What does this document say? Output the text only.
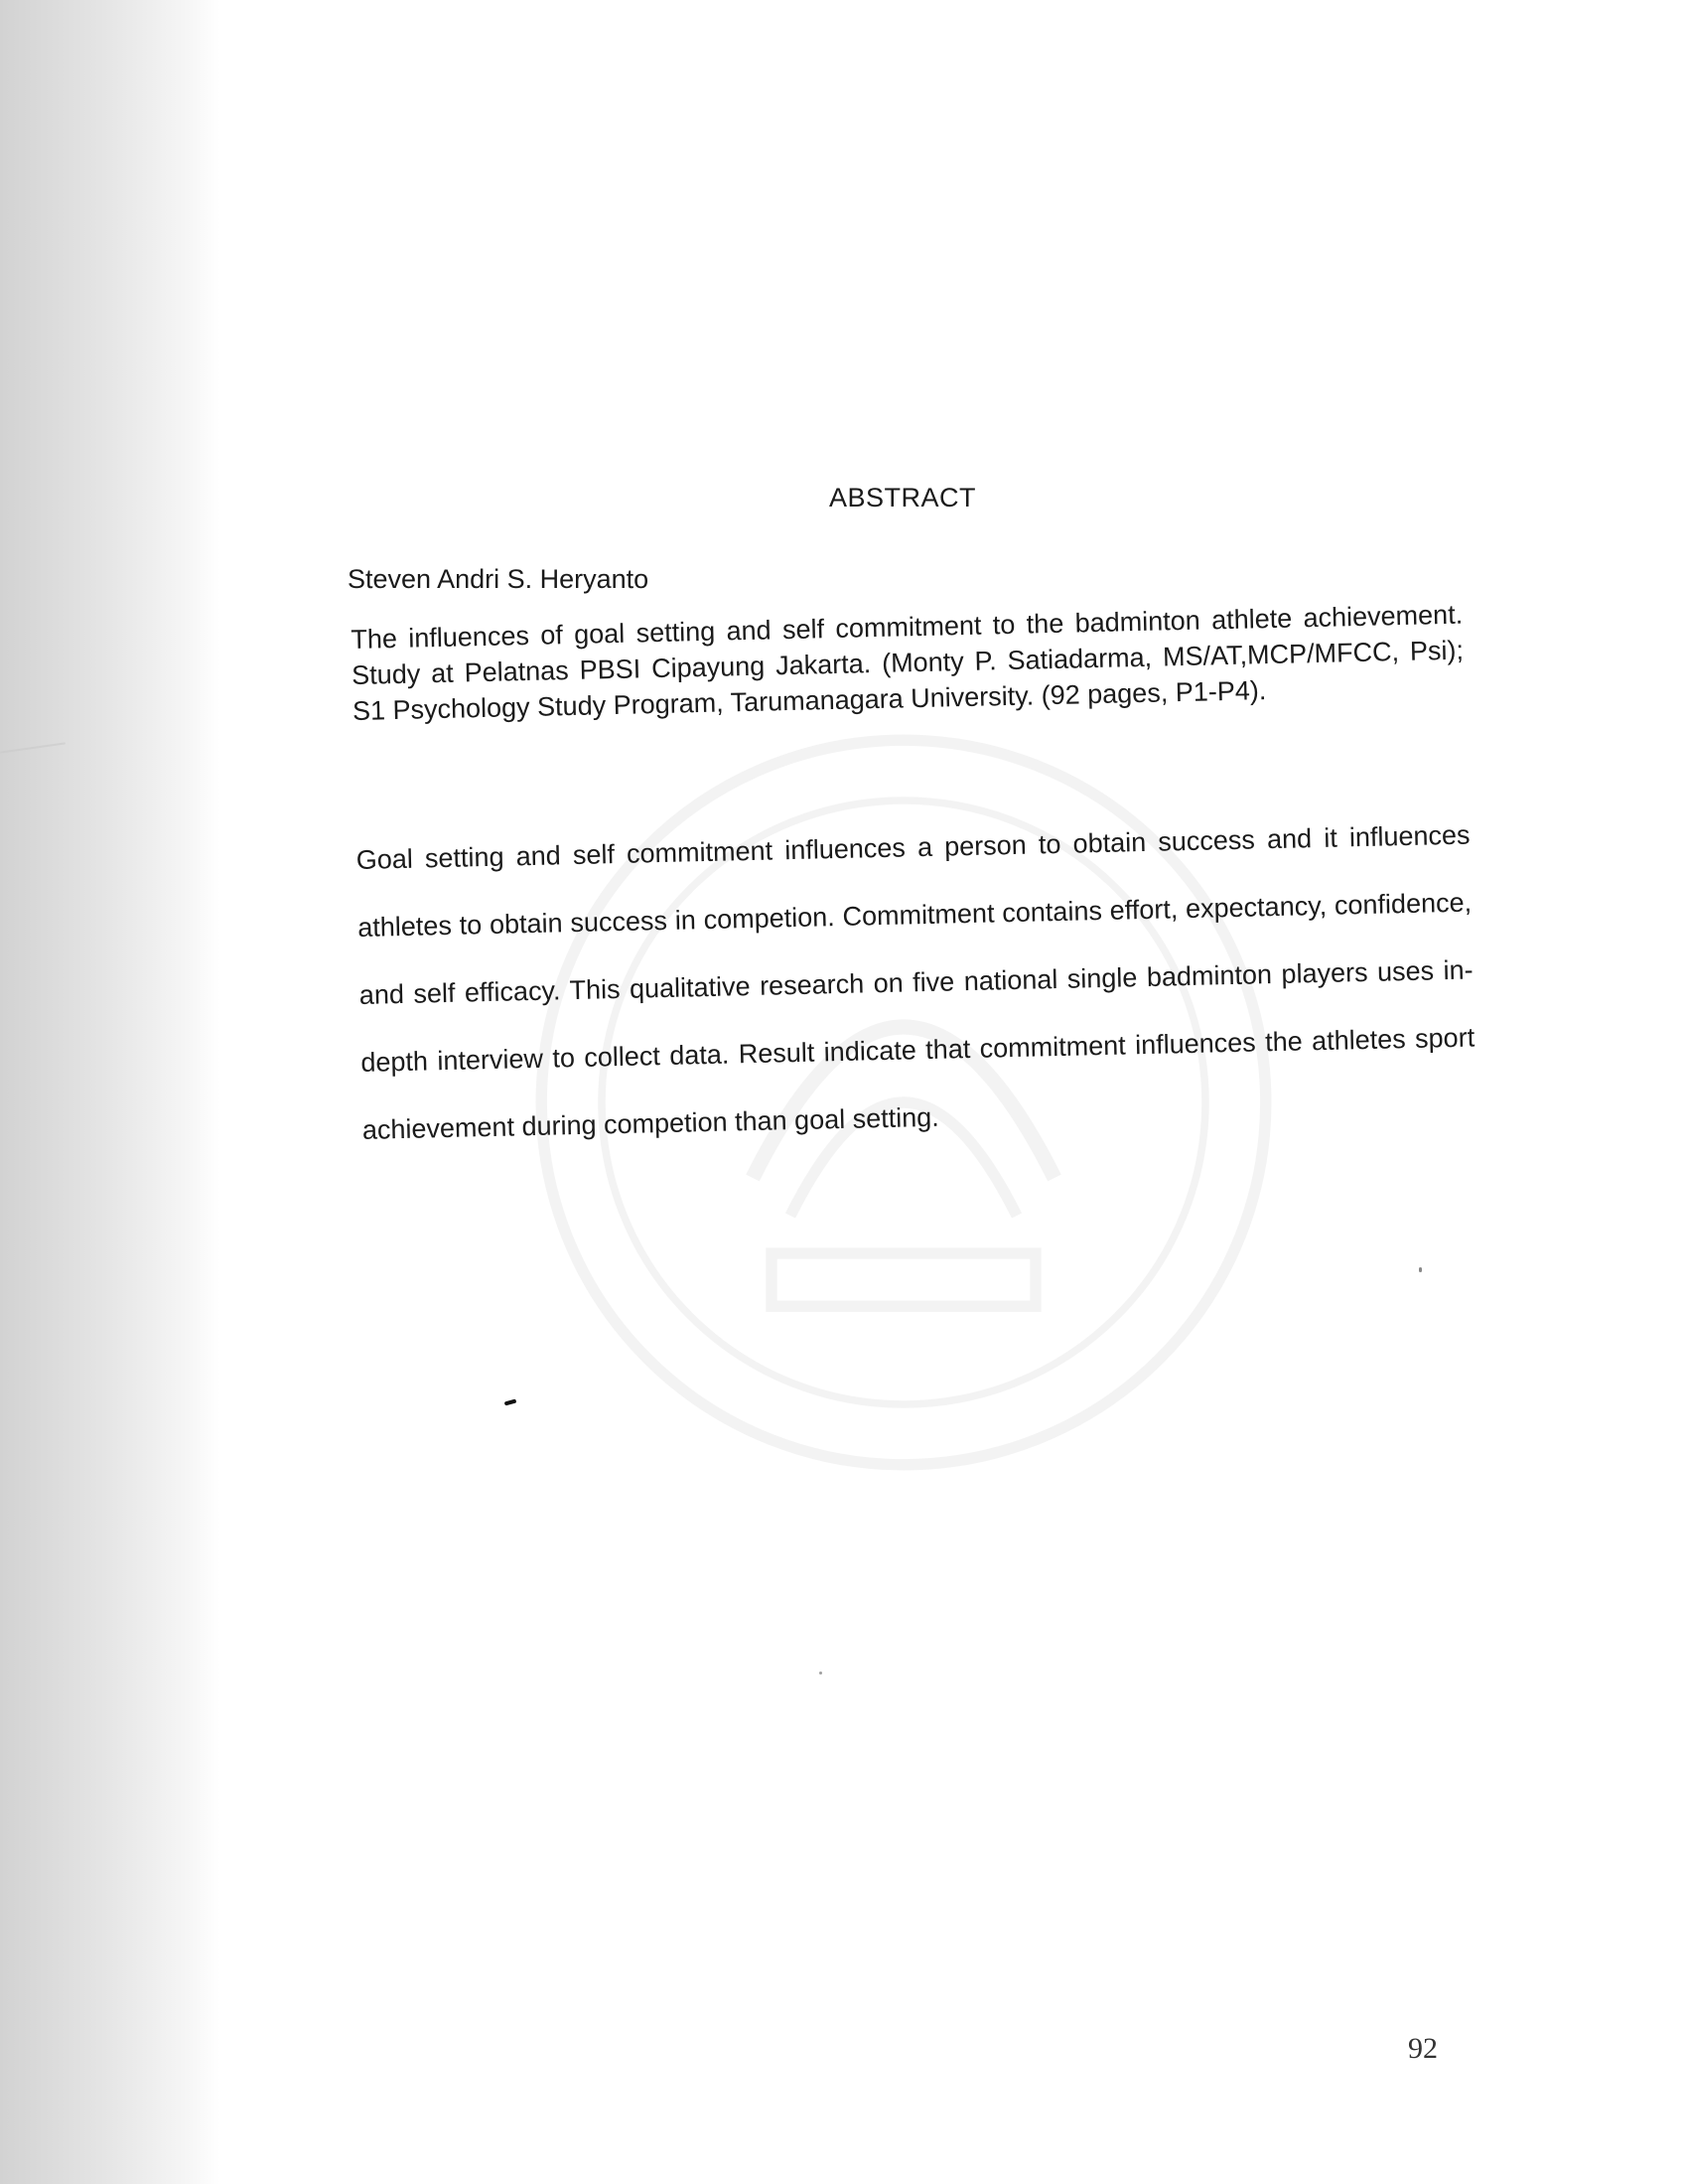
ABSTRACT

Steven Andri S. Heryanto

The influences of goal setting and self commitment to the badminton athlete achievement. Study at Pelatnas PBSI Cipayung Jakarta. (Monty P. Satiadarma, MS/AT,MCP/MFCC, Psi); S1 Psychology Study Program, Tarumanagara University. (92 pages, P1-P4).

Goal setting and self commitment influences a person to obtain success and it influences athletes to obtain success in competion. Commitment contains effort, expectancy, confidence, and self efficacy. This qualitative research on five national single badminton players uses in-depth interview to collect data. Result indicate that commitment influences the athletes sport achievement during competion than goal setting.

92
